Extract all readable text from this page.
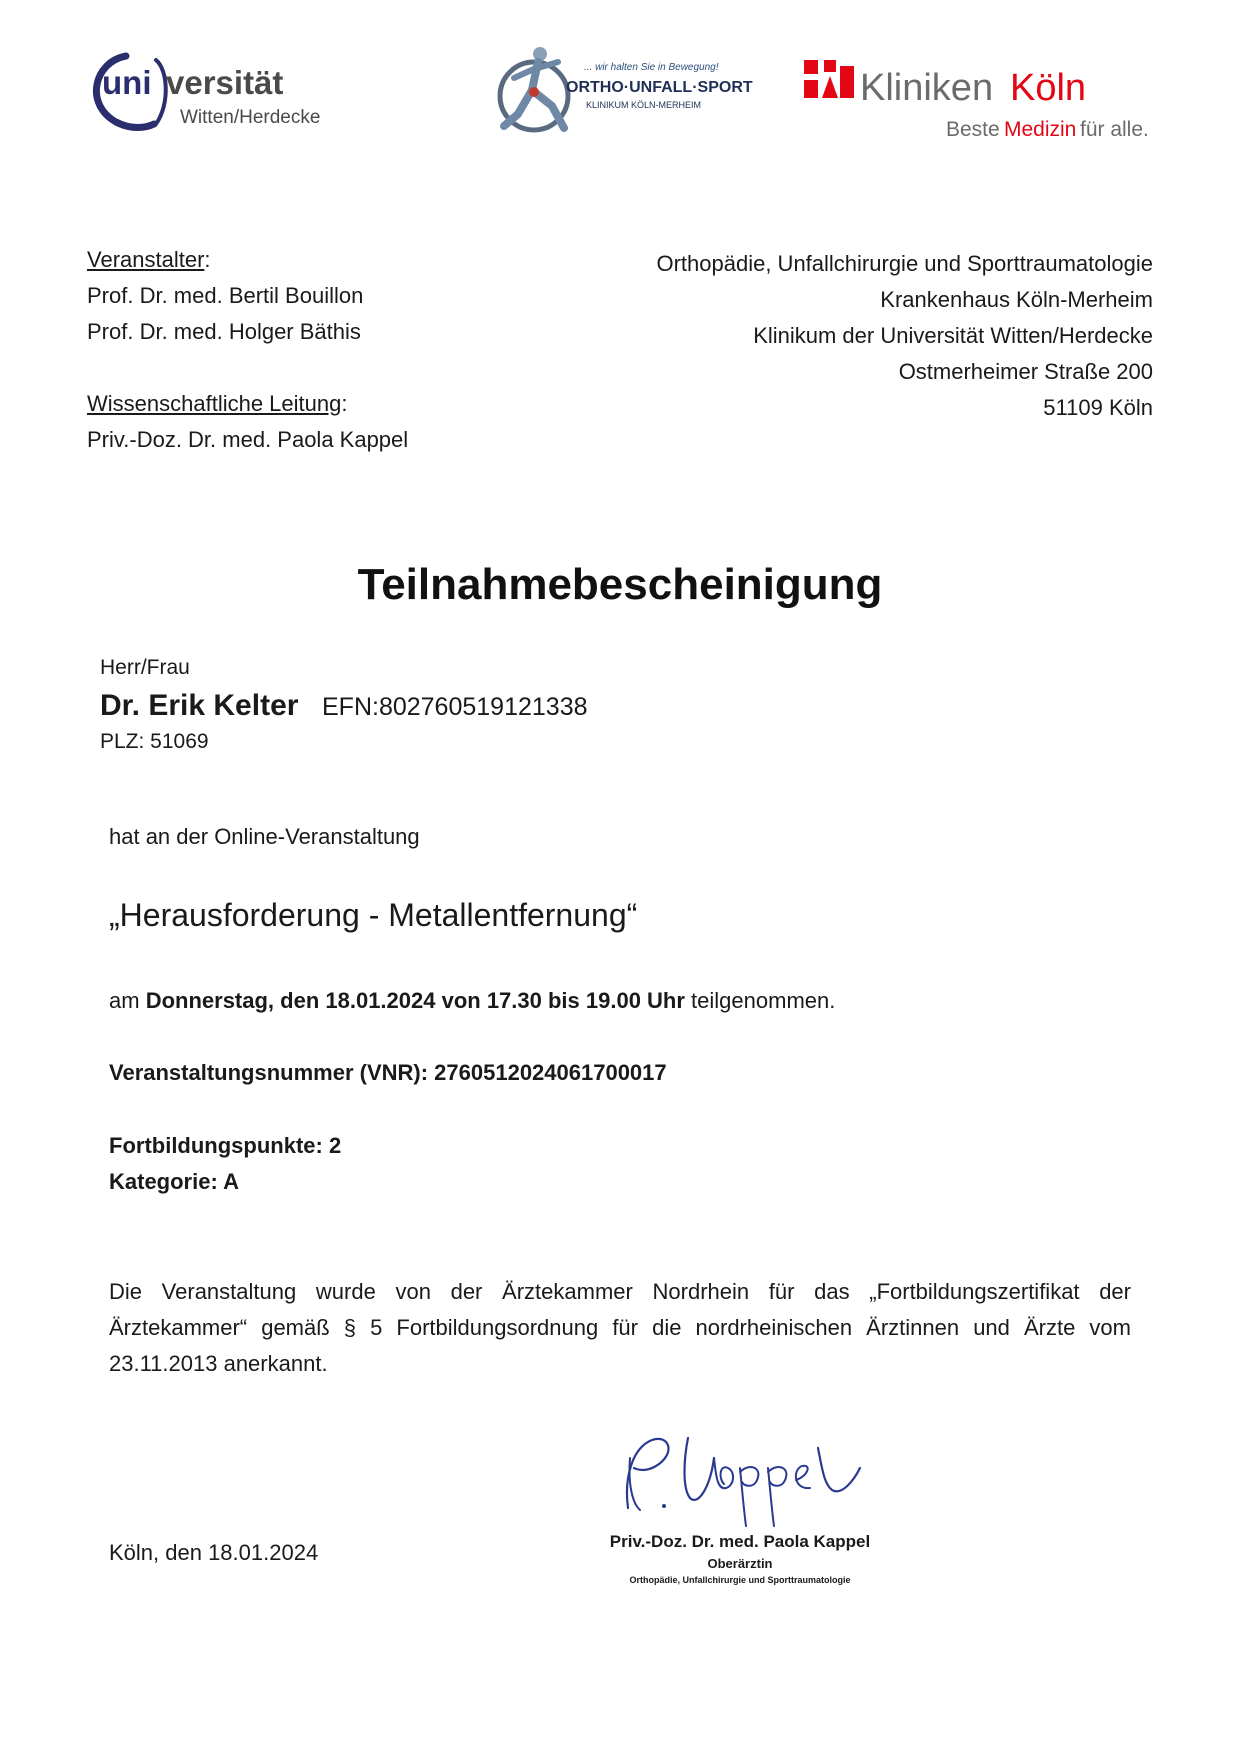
uni versität
Witten/Herdecke
... wir halten Sie in Bewegung!
ORTHO·UNFALL·SPORT
KLINIKUM KÖLN-MERHEIM	Kliniken Köln
Beste Medizin für alle.
Veranstalter:
Prof. Dr. med. Bertil Bouillon
Prof. Dr. med. Holger Bäthis
Wissenschaftliche Leitung:
Priv.-Doz. Dr. med. Paola Kappel
Orthopädie, Unfallchirurgie und Sporttraumatologie
Krankenhaus Köln-Merheim
Klinikum der Universität Witten/Herdecke
Ostmerheimer Straße 200
51109 Köln
Teilnahmebescheinigung
Herr/Frau
Dr. Erik Kelter EFN:802760519121338
PLZ: 51069
hat an der Online-Veranstaltung
„Herausforderung - Metallentfernung“
am Donnerstag, den 18.01.2024 von 17.30 bis 19.00 Uhr teilgenommen.
Veranstaltungsnummer (VNR): 2760512024061700017
Fortbildungspunkte: 2
Kategorie: A
Die Veranstaltung wurde von der Ärztekammer Nordrhein für das „Fortbildungszertifikat der
Ärztekammer“ gemäß § 5 Fortbildungsordnung für die nordrheinischen Ärztinnen und Ärzte vom
23.11.2013 anerkannt.
Köln, den 18.01.2024	Priv.-Doz. Dr. med. Paola Kappel
Oberärztin
Orthopädie, Unfallchirurgie und Sporttraumatologie
